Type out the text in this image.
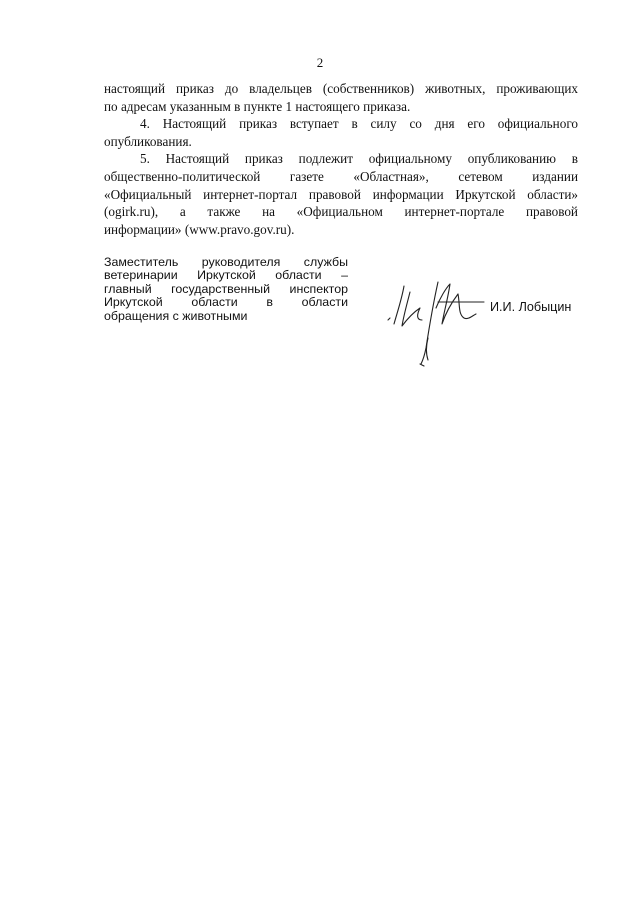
2

настоящий приказ до владельцев (собственников) животных, проживающих
по адресам указанным в пункте 1 настоящего приказа.

4. Настоящий приказ вступает в силу со дня его официального
опубликования.

5. Настоящий приказ подлежит официальному опубликованию в
общественно-политической газете «Областная», сетевом издании
«Официальный интернет-портал правовой информации Иркутской области»
(ogirk.ru), а также на «Официальном интернет-портале правовой
информации» (www.pravo.gov.ru).

Заместитель руководителя службы
ветеринарии Иркутской области –
главный государственный инспектор
Иркутской области в области
обращения с животными
И.И. Лобыцин
